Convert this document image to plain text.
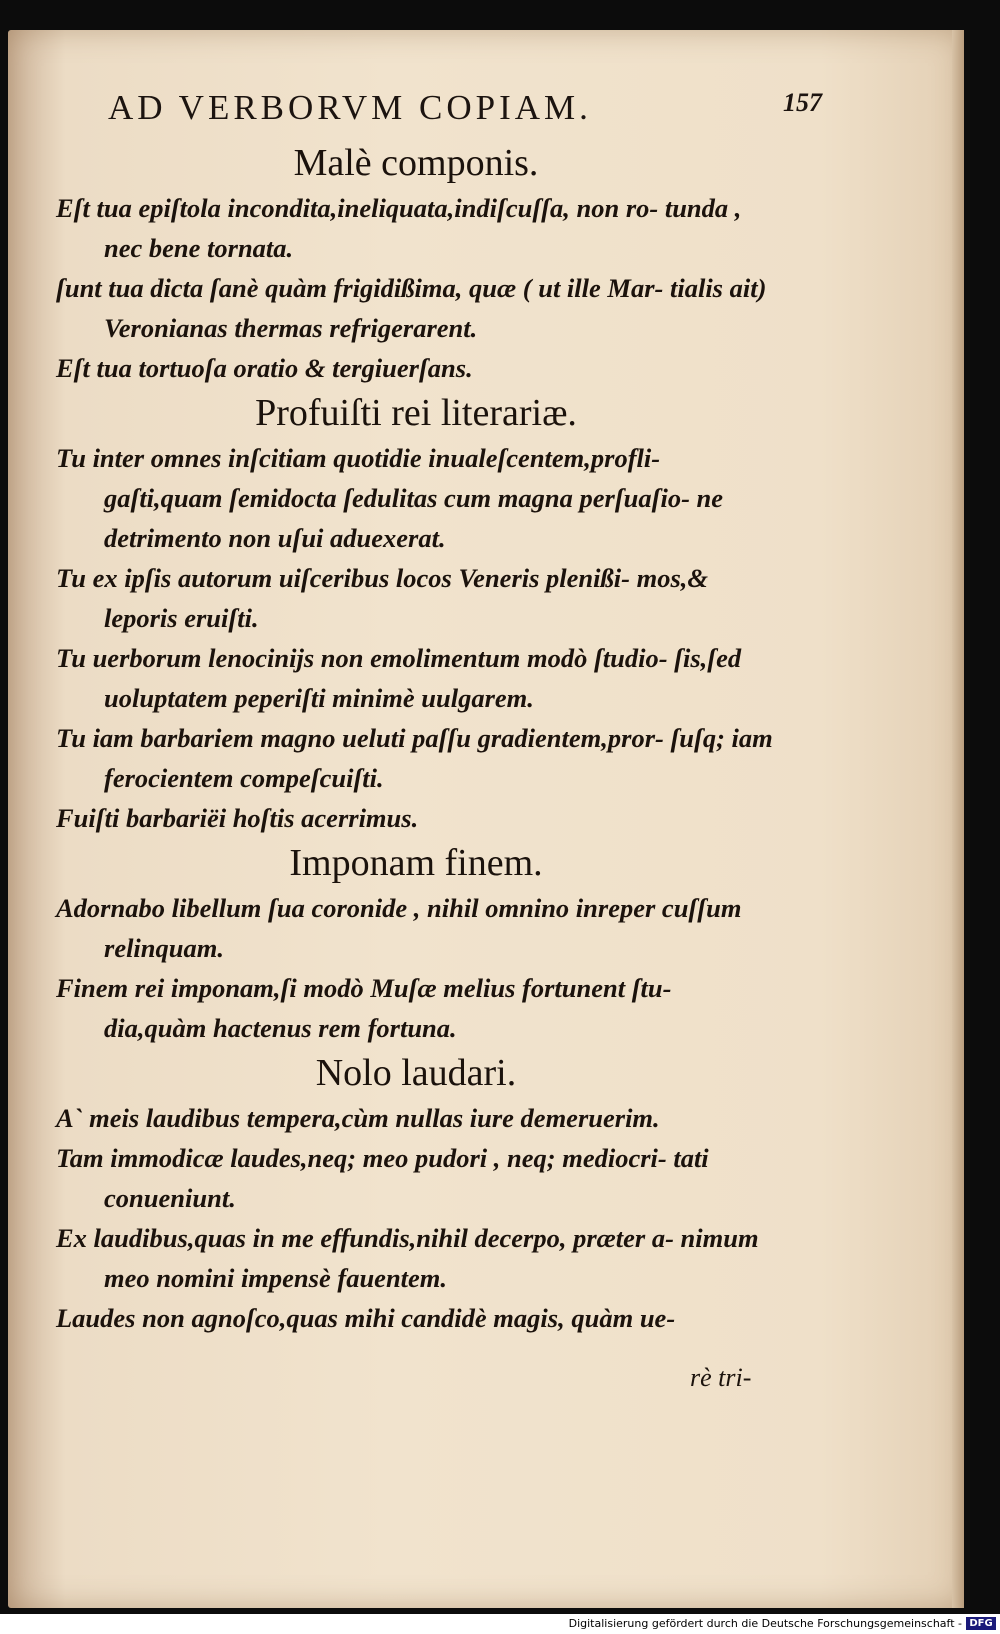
AD VERBORVM COPIAM.	157

Malè componis.

Eſt tua epiſtola incondita,ineliquata,indiſcuſſa, non ro- tunda , nec bene tornata.

ſunt tua dicta ſanè quàm frigidißima, quæ ( ut ille Mar- tialis ait) Veronianas thermas refrigerarent.

Eſt tua tortuoſa oratio & tergiuerſans.

Profuiſti rei literariæ.

Tu inter omnes inſcitiam quotidie inualeſcentem,profli- gaſti,quam ſemidocta ſedulitas cum magna perſuaſio- ne detrimento non uſui aduexerat.

Tu ex ipſis autorum uiſceribus locos Veneris plenißi- mos,& leporis eruiſti.

Tu uerborum lenocinijs non emolimentum modò ſtudio- ſis,ſed uoluptatem peperiſti minimè uulgarem.

Tu iam barbariem magno ueluti paſſu gradientem,pror- ſuſq; iam ferocientem compeſcuiſti.

Fuiſti barbariëi hoſtis acerrimus.

Imponam finem.

Adornabo libellum ſua coronide , nihil omnino inreper cuſſum relinquam.

Finem rei imponam,ſi modò Muſæ melius fortunent ſtu- dia,quàm hactenus rem fortuna.

Nolo laudari.

A` meis laudibus tempera,cùm nullas iure demeruerim.

Tam immodicæ laudes,neq; meo pudori , neq; mediocri- tati conueniunt.

Ex laudibus,quas in me effundis,nihil decerpo, præter a- nimum meo nomini impensè fauentem.

Laudes non agnoſco,quas mihi candidè magis, quàm ue-

rè tri-
Digitalisierung gefördert durch die Deutsche Forschungsgemeinschaft - DFG
